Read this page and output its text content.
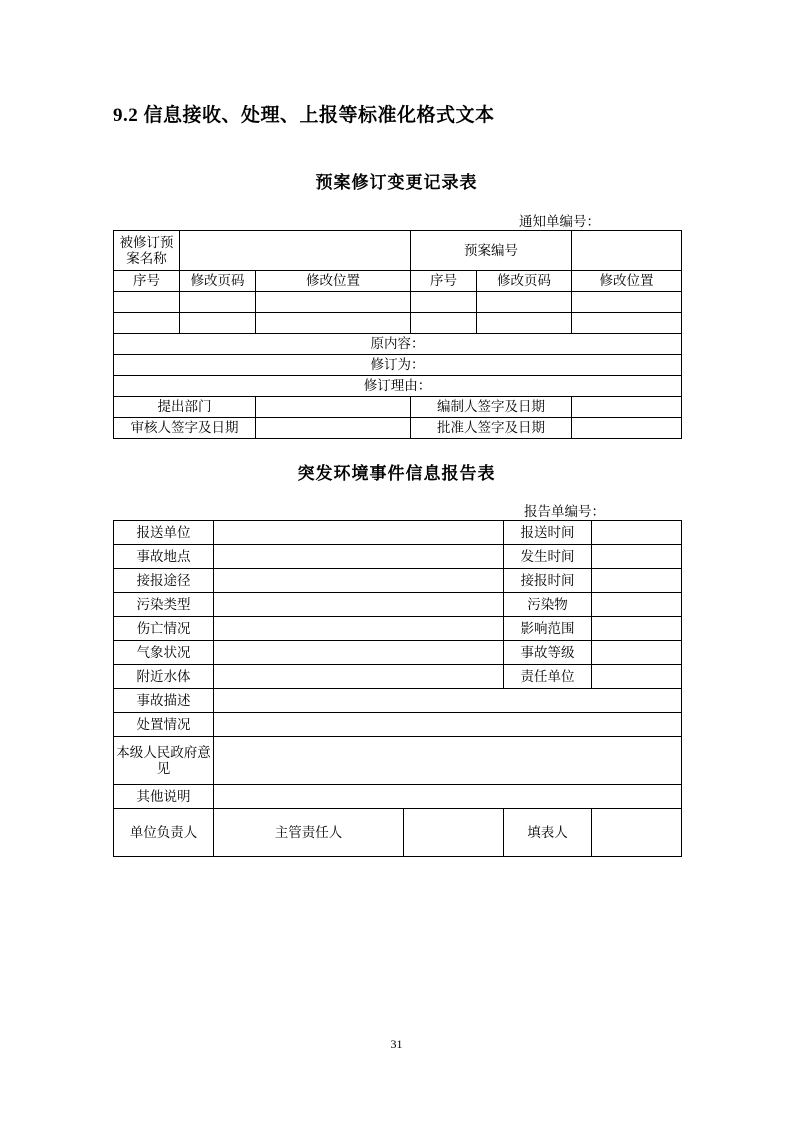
9.2 信息接收、处理、上报等标准化格式文本
预案修订变更记录表
通知单编号：
被修订预案名称			预案编号		
序号	修改页码	修改位置	序号	修改页码	修改位置

原内容：					
修订为：					
修订理由：					
提出部门			编制人签字及日期		
审核人签字及日期			批准人签字及日期		
突发环境事件信息报告表
报告单编号：
报送单位			报送时间	
事故地点			发生时间	
接报途径			接报时间	
污染类型			污染物	
伤亡情况			影响范围	
气象状况			事故等级	
附近水体			责任单位	
事故描述				
处置情况				
本级人民政府意见				
其他说明				
单位负责人	主管责任人		填表人	
31
